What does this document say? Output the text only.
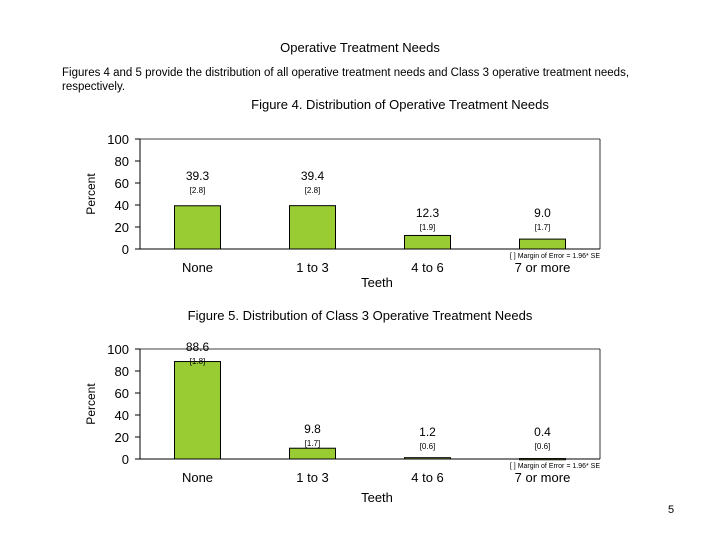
Operative Treatment Needs
Figures 4 and 5 provide the distribution of all operative treatment needs and Class 3 operative treatment needs, respectively.
Figure 4. Distribution of Operative Treatment Needs
Percent
0
20
40
60
80
100
39.3
[2.8]
None
39.4
[2.8]
1 to 3
12.3
[1.9]
4 to 6
9.0
[1.7]
7 or more
[ ] Margin of Error = 1.96* SE
Teeth
Figure 5. Distribution of Class 3 Operative Treatment Needs
Percent
0
20
40
60
80
100	88.6
[1.8]
None
9.8
[1.7]
1 to 3
1.2
[0.6]
4 to 6
0.4
[0.6]
7 or more
[ ] Margin of Error = 1.96* SE
Teeth
5
